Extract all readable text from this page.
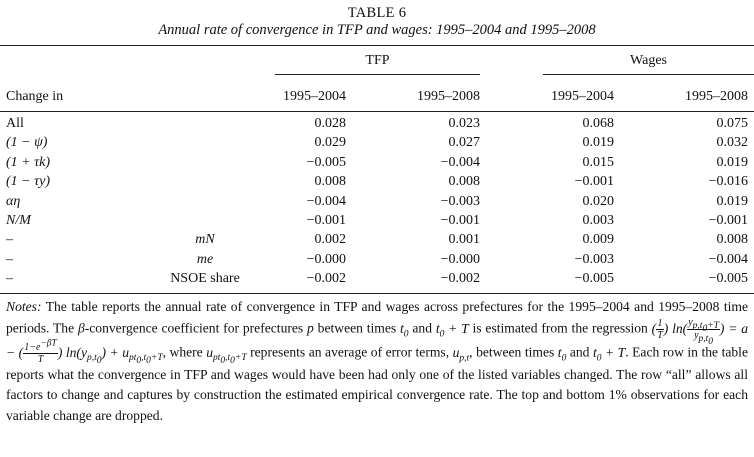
TABLE 6
Annual rate of convergence in TFP and wages: 1995–2004 and 1995–2008
TFP	Wages
Change in	1995–2004	1995–2008	1995–2004	1995–2008
All	0.028	0.023	0.068	0.075
(1 − ψ)	0.029	0.027	0.019	0.032
(1 + τk)	−0.005	−0.004	0.015	0.019
(1 − τy)	0.008	0.008	−0.001	−0.016
αη	−0.004	−0.003	0.020	0.019
N/M	−0.001	−0.001	0.003	−0.001
–	mN	0.002	0.001	0.009	0.008
–	me	−0.000	−0.000	−0.003	−0.004
–	NSOE share	−0.002	−0.002	−0.005	−0.005
Notes: The table reports the annual rate of convergence in TFP and wages across prefectures for the 1995–2004 and 1995–2008 time periods. The β-convergence coefficient for prefectures p between times $t_0$ and $t_0 + T$ is estimated from the regression ( $\frac{1}{T}$ ) $\ln( \frac{y_{p,t_0+T}}{y_{p,t_0}}$ ) = a − ( $\frac{1-e^{-\beta T}}{T}$ ) $\ln(y_{p,t_0}) + u_{pt_0,t_0+T}$, where $u_{pt_0,t_0+T}$ represents an average of error terms, $u_{p,t}$, between times $t_0$ and $t_0 + T$. Each row in the table reports what the convergence in TFP and wages would have been had only one of the listed variables changed. The row “all” allows all factors to change and captures by construction the estimated empirical convergence rate. The top and bottom 1% observations for each variable change are dropped.
